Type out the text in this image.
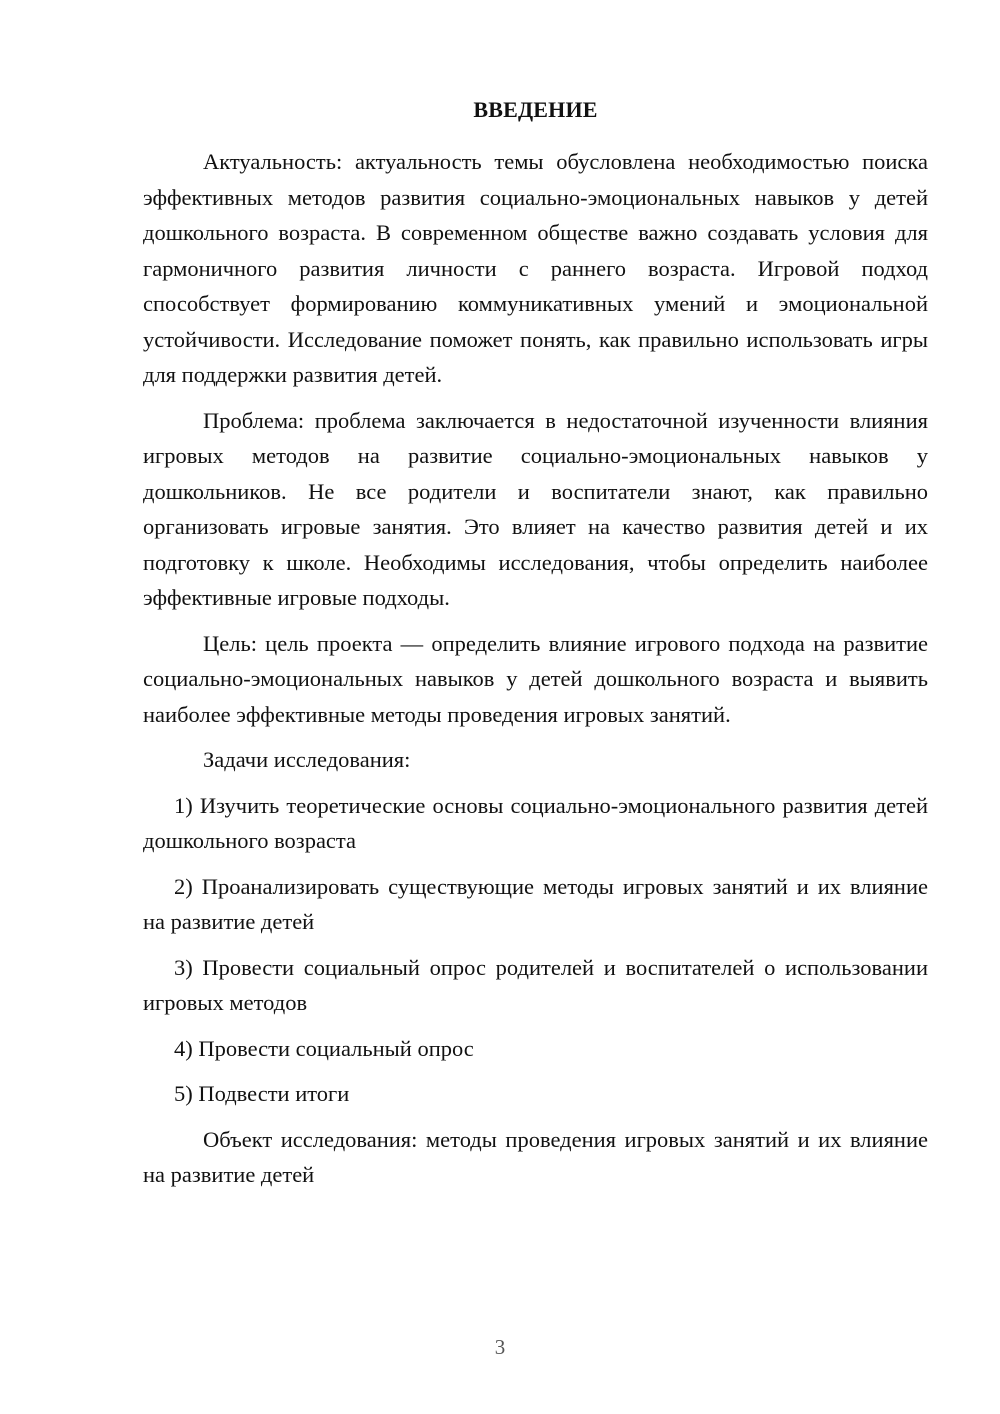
ВВЕДЕНИЕ

Актуальность: актуальность темы обусловлена необходимостью поиска эффективных методов развития социально-эмоциональных навыков у детей дошкольного возраста. В современном обществе важно создавать условия для гармоничного развития личности с раннего возраста. Игровой подход способствует формированию коммуникативных умений и эмоциональной устойчивости. Исследование поможет понять, как правильно использовать игры для поддержки развития детей.

Проблема: проблема заключается в недостаточной изученности влияния игровых методов на развитие социально-эмоциональных навыков у дошкольников. Не все родители и воспитатели знают, как правильно организовать игровые занятия. Это влияет на качество развития детей и их подготовку к школе. Необходимы исследования, чтобы определить наиболее эффективные игровые подходы.

Цель: цель проекта — определить влияние игрового подхода на развитие социально-эмоциональных навыков у детей дошкольного возраста и выявить наиболее эффективные методы проведения игровых занятий.

Задачи исследования:

1) Изучить теоретические основы социально-эмоционального развития детей дошкольного возраста

2) Проанализировать существующие методы игровых занятий и их влияние на развитие детей

3) Провести социальный опрос родителей и воспитателей о использовании игровых методов

4) Провести социальный опрос

5) Подвести итоги

Объект исследования: методы проведения игровых занятий и их влияние на развитие детей

3
